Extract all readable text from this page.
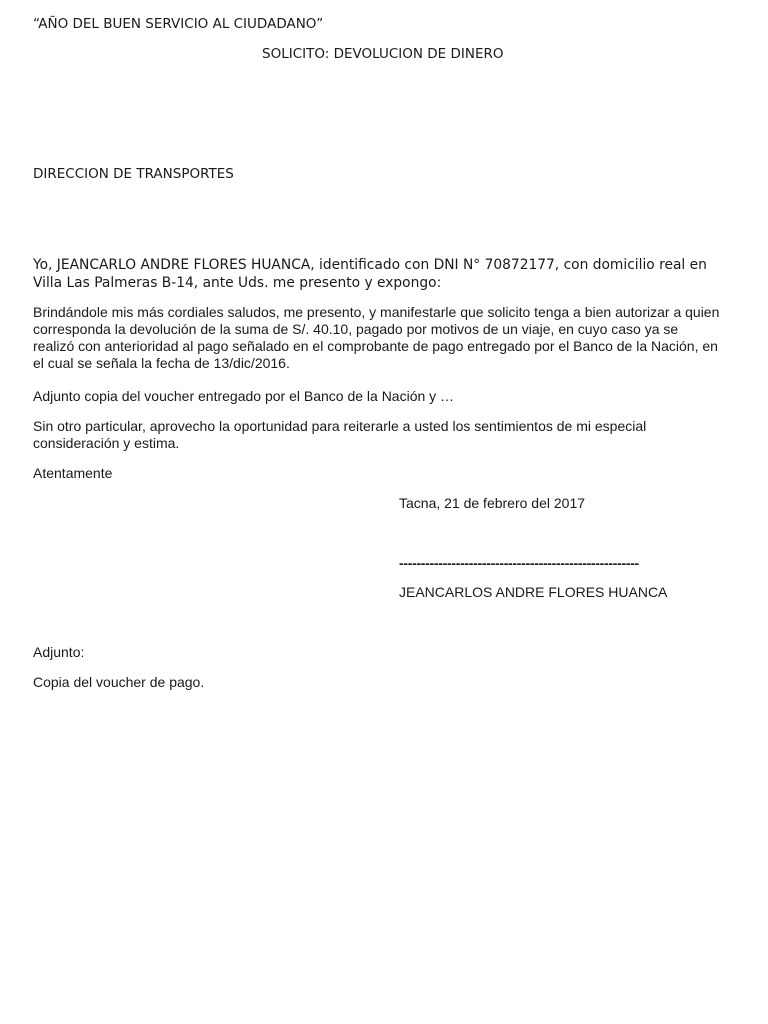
“AÑO DEL BUEN SERVICIO AL CIUDADANO”

SOLICITO: DEVOLUCION DE DINERO

DIRECCION DE TRANSPORTES

Yo, JEANCARLO ANDRE FLORES HUANCA, identificado con DNI N° 70872177, con domicilio real en Villa Las Palmeras B-14, ante Uds. me presento y expongo:

Brindándole mis más cordiales saludos, me presento, y manifestarle que solicito tenga a bien autorizar a quien corresponda la devolución de la suma de S/. 40.10, pagado por motivos de un viaje, en cuyo caso ya se realizó con anterioridad al pago señalado en el comprobante de pago entregado por el Banco de la Nación, en el cual se señala la fecha de 13/dic/2016.

Adjunto copia del voucher entregado por el Banco de la Nación y …

Sin otro particular, aprovecho la oportunidad para reiterarle a usted los sentimientos de mi especial consideración y estima.

Atentamente

Tacna, 21 de febrero del 2017

-------------------------------------------------------

JEANCARLOS ANDRE FLORES HUANCA

Adjunto:

Copia del voucher de pago.
